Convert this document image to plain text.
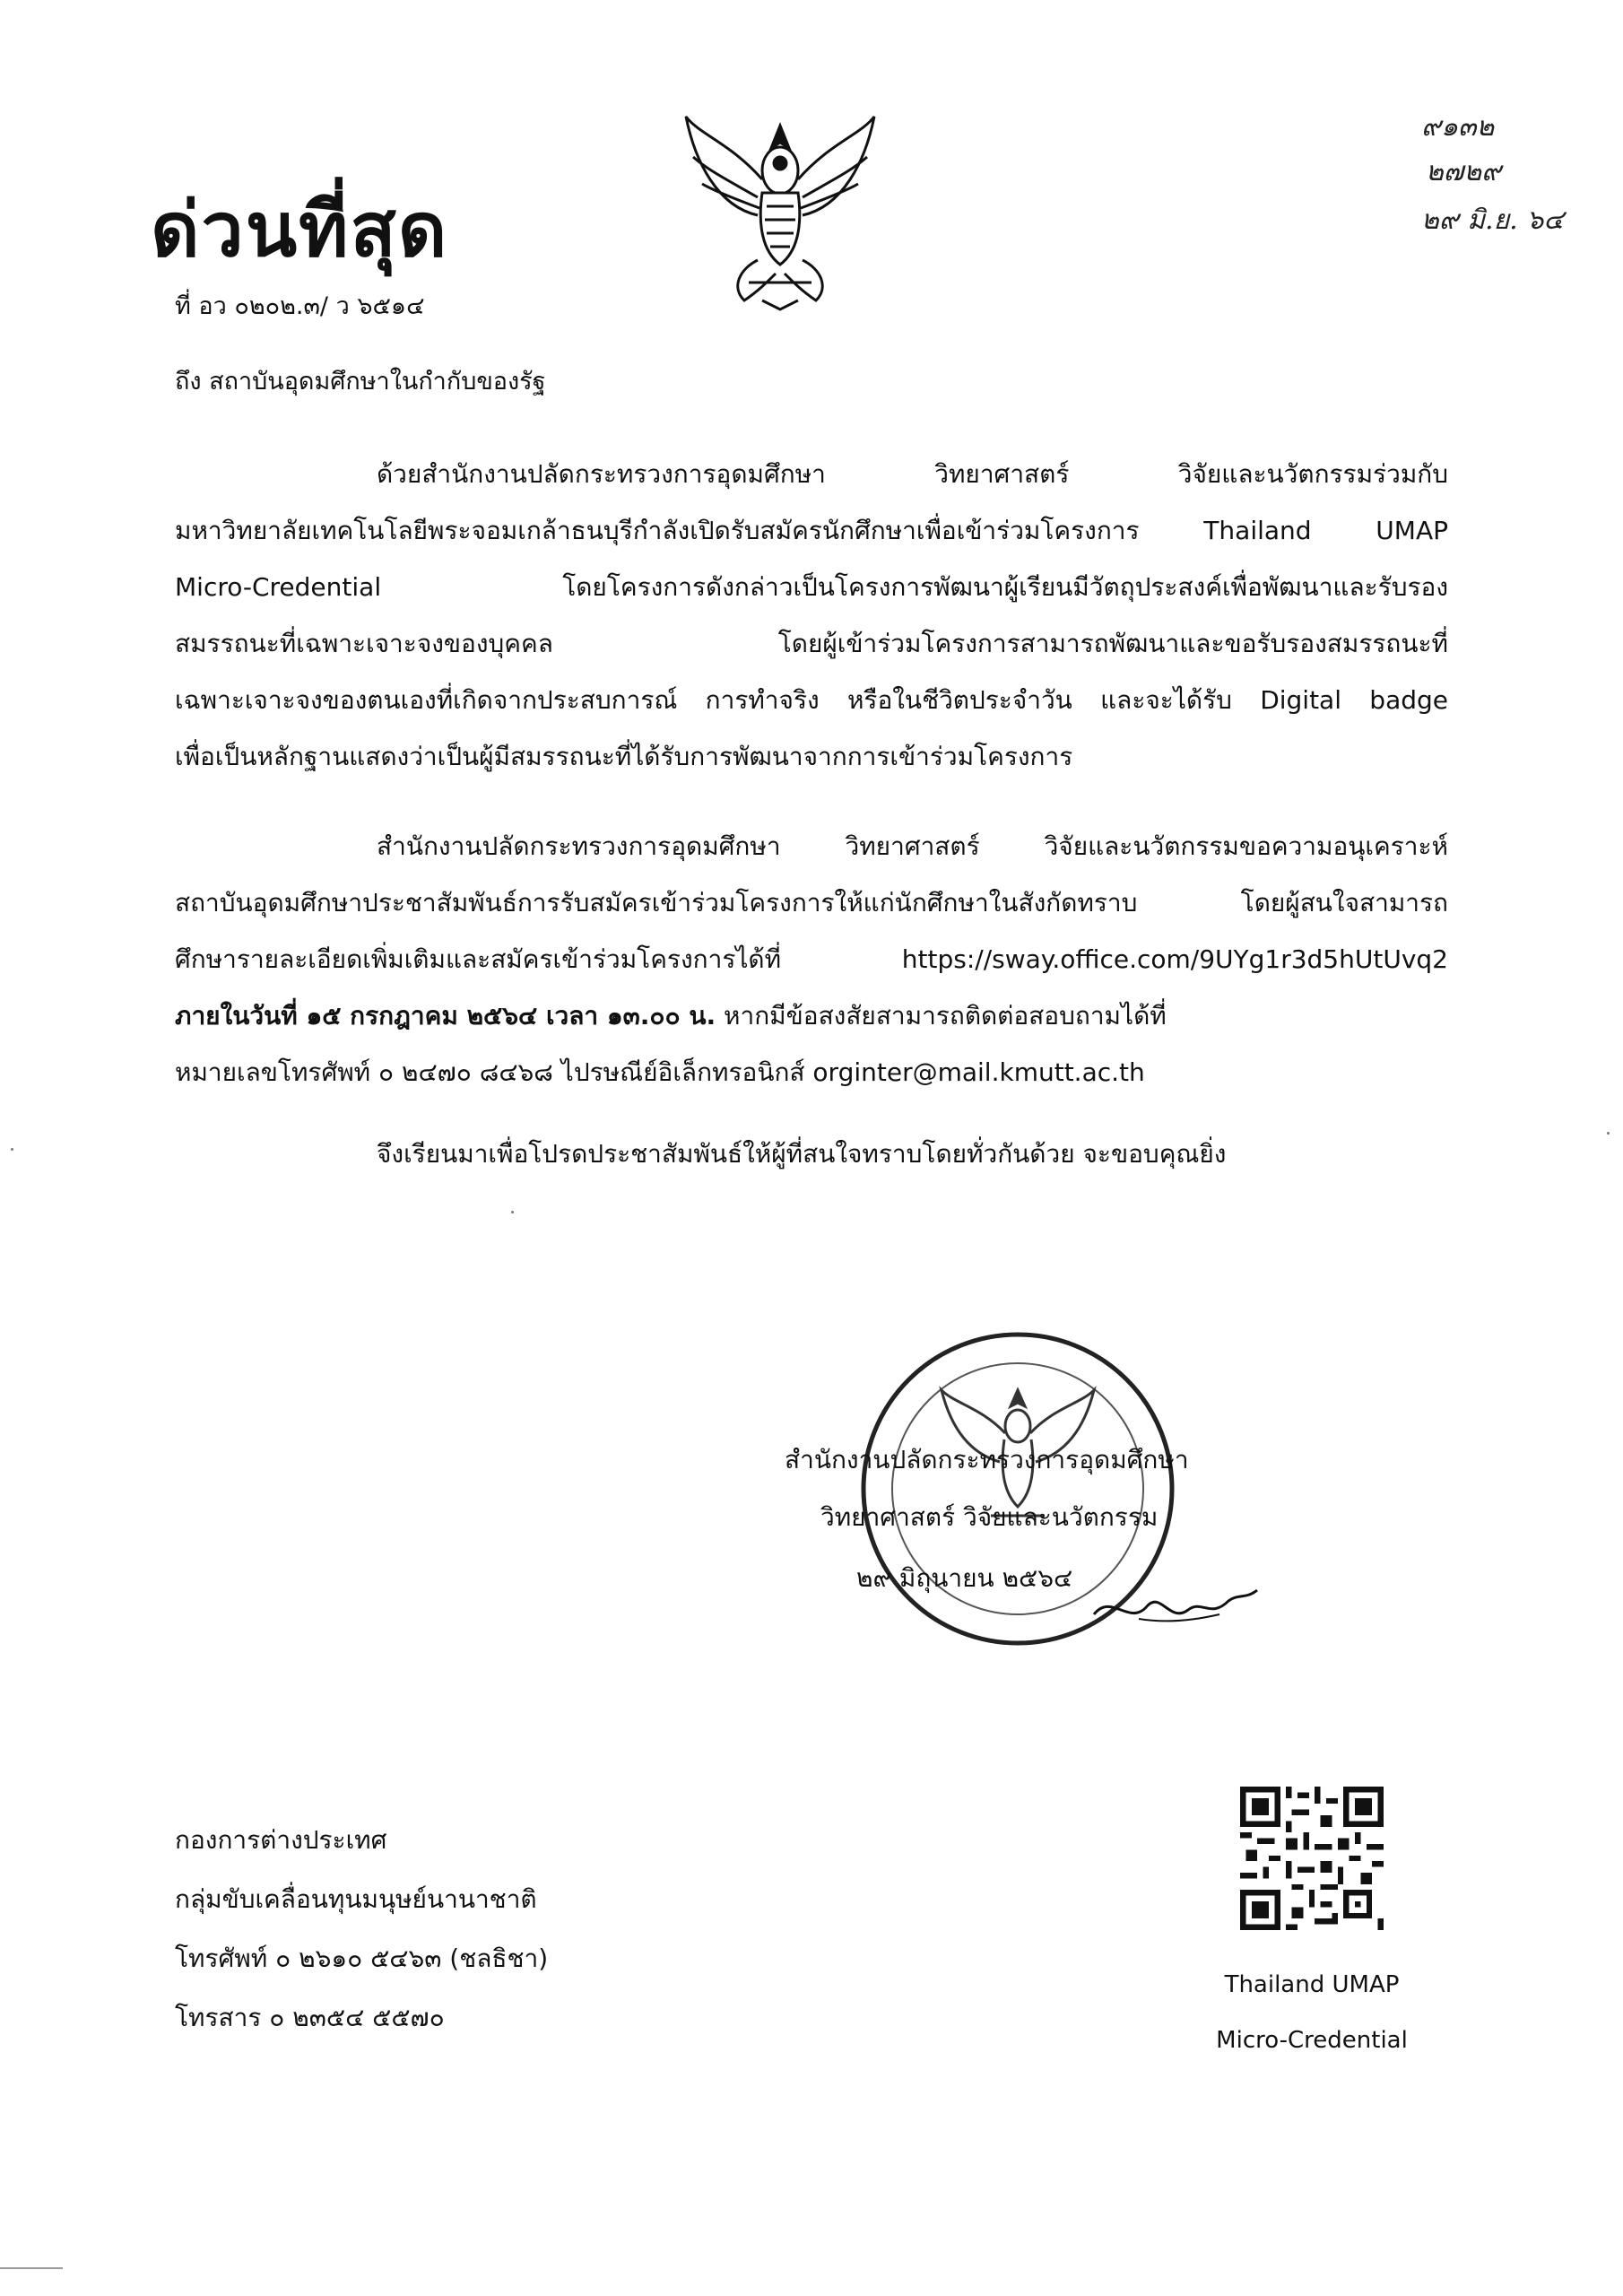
ด่วนที่สุด
๙๑๓๒
๒๗๒๙
๒๙ มิ.ย. ๖๔
ที่ อว ๐๒๐๒.๓/ ว ๖๕๑๔
ถึง สถาบันอุดมศึกษาในกำกับของรัฐ
ด้วยสำนักงานปลัดกระทรวงการอุดมศึกษา วิทยาศาสตร์ วิจัยและนวัตกรรมร่วมกับ
มหาวิทยาลัยเทคโนโลยีพระจอมเกล้าธนบุรีกำลังเปิดรับสมัครนักศึกษาเพื่อเข้าร่วมโครงการ Thailand UMAP
Micro-Credential โดยโครงการดังกล่าวเป็นโครงการพัฒนาผู้เรียนมีวัตถุประสงค์เพื่อพัฒนาและรับรอง
สมรรถนะที่เฉพาะเจาะจงของบุคคล โดยผู้เข้าร่วมโครงการสามารถพัฒนาและขอรับรองสมรรถนะที่
เฉพาะเจาะจงของตนเองที่เกิดจากประสบการณ์ การทำจริง หรือในชีวิตประจำวัน และจะได้รับ Digital badge
เพื่อเป็นหลักฐานแสดงว่าเป็นผู้มีสมรรถนะที่ได้รับการพัฒนาจากการเข้าร่วมโครงการ
สำนักงานปลัดกระทรวงการอุดมศึกษา วิทยาศาสตร์ วิจัยและนวัตกรรมขอความอนุเคราะห์
สถาบันอุดมศึกษาประชาสัมพันธ์การรับสมัครเข้าร่วมโครงการให้แก่นักศึกษาในสังกัดทราบ โดยผู้สนใจสามารถ
ศึกษารายละเอียดเพิ่มเติมและสมัครเข้าร่วมโครงการได้ที่ https://sway.office.com/9UYg1r3d5hUtUvq2
ภายในวันที่ ๑๕ กรกฎาคม ๒๕๖๔ เวลา ๑๓.๐๐ น. หากมีข้อสงสัยสามารถติดต่อสอบถามได้ที่
หมายเลขโทรศัพท์ ๐ ๒๔๗๐ ๘๔๖๘ ไปรษณีย์อิเล็กทรอนิกส์ orginter@mail.kmutt.ac.th
จึงเรียนมาเพื่อโปรดประชาสัมพันธ์ให้ผู้ที่สนใจทราบโดยทั่วกันด้วย จะขอบคุณยิ่ง
สำนักงานปลัดกระทรวงการอุดมศึกษา
วิทยาศาสตร์ วิจัยและนวัตกรรม
๒๙ มิถุนายน ๒๕๖๔
กองการต่างประเทศ
กลุ่มขับเคลื่อนทุนมนุษย์นานาชาติ
โทรศัพท์ ๐ ๒๖๑๐ ๕๔๖๓ (ชลธิชา)
โทรสาร ๐ ๒๓๕๔ ๕๕๗๐
Thailand UMAP
Micro-Credential
